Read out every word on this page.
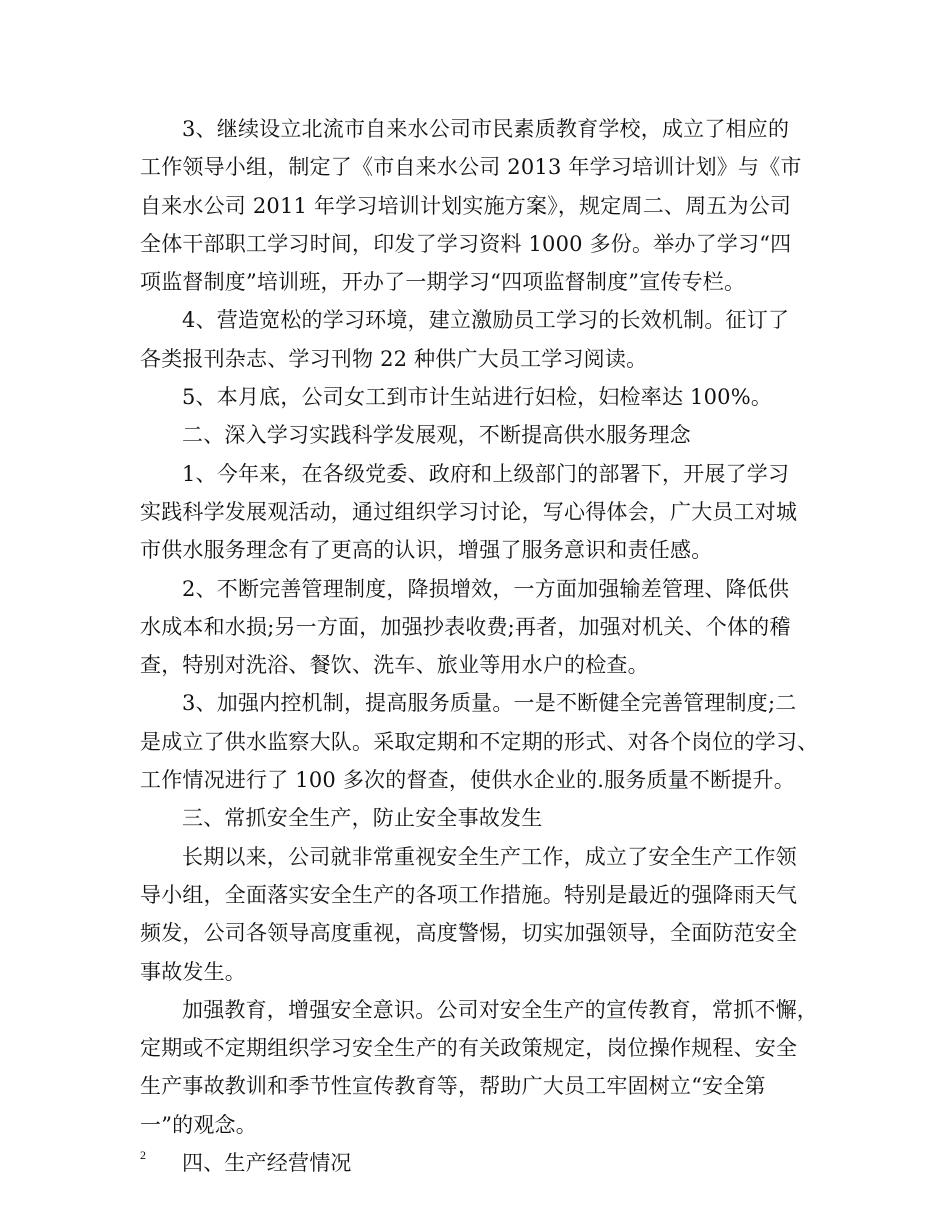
3、继续设立北流市自来水公司市民素质教育学校，成立了相应的
工作领导小组，制定了《市自来水公司 2013 年学习培训计划》与《市
自来水公司 2011 年学习培训计划实施方案》，规定周二、周五为公司
全体干部职工学习时间，印发了学习资料 1000 多份。举办了学习“四
项监督制度”培训班，开办了一期学习“四项监督制度”宣传专栏。

4、营造宽松的学习环境，建立激励员工学习的长效机制。征订了
各类报刊杂志、学习刊物 22 种供广大员工学习阅读。

5、本月底，公司女工到市计生站进行妇检，妇检率达 100%。

二、深入学习实践科学发展观，不断提高供水服务理念

1、今年来，在各级党委、政府和上级部门的部署下，开展了学习
实践科学发展观活动，通过组织学习讨论，写心得体会，广大员工对城
市供水服务理念有了更高的认识，增强了服务意识和责任感。

2、不断完善管理制度，降损增效，一方面加强输差管理、降低供
水成本和水损;另一方面，加强抄表收费;再者，加强对机关、个体的稽
查，特别对洗浴、餐饮、洗车、旅业等用水户的检查。

3、加强内控机制，提高服务质量。一是不断健全完善管理制度;二
是成立了供水监察大队。采取定期和不定期的形式、对各个岗位的学习、
工作情况进行了 100 多次的督查，使供水企业的.服务质量不断提升。

三、常抓安全生产，防止安全事故发生

长期以来，公司就非常重视安全生产工作，成立了安全生产工作领
导小组，全面落实安全生产的各项工作措施。特别是最近的强降雨天气
频发，公司各领导高度重视，高度警惕，切实加强领导，全面防范安全
事故发生。

加强教育，增强安全意识。公司对安全生产的宣传教育，常抓不懈，
定期或不定期组织学习安全生产的有关政策规定，岗位操作规程、安全
生产事故教训和季节性宣传教育等，帮助广大员工牢固树立“安全第
一”的观念。

四、生产经营情况

2
